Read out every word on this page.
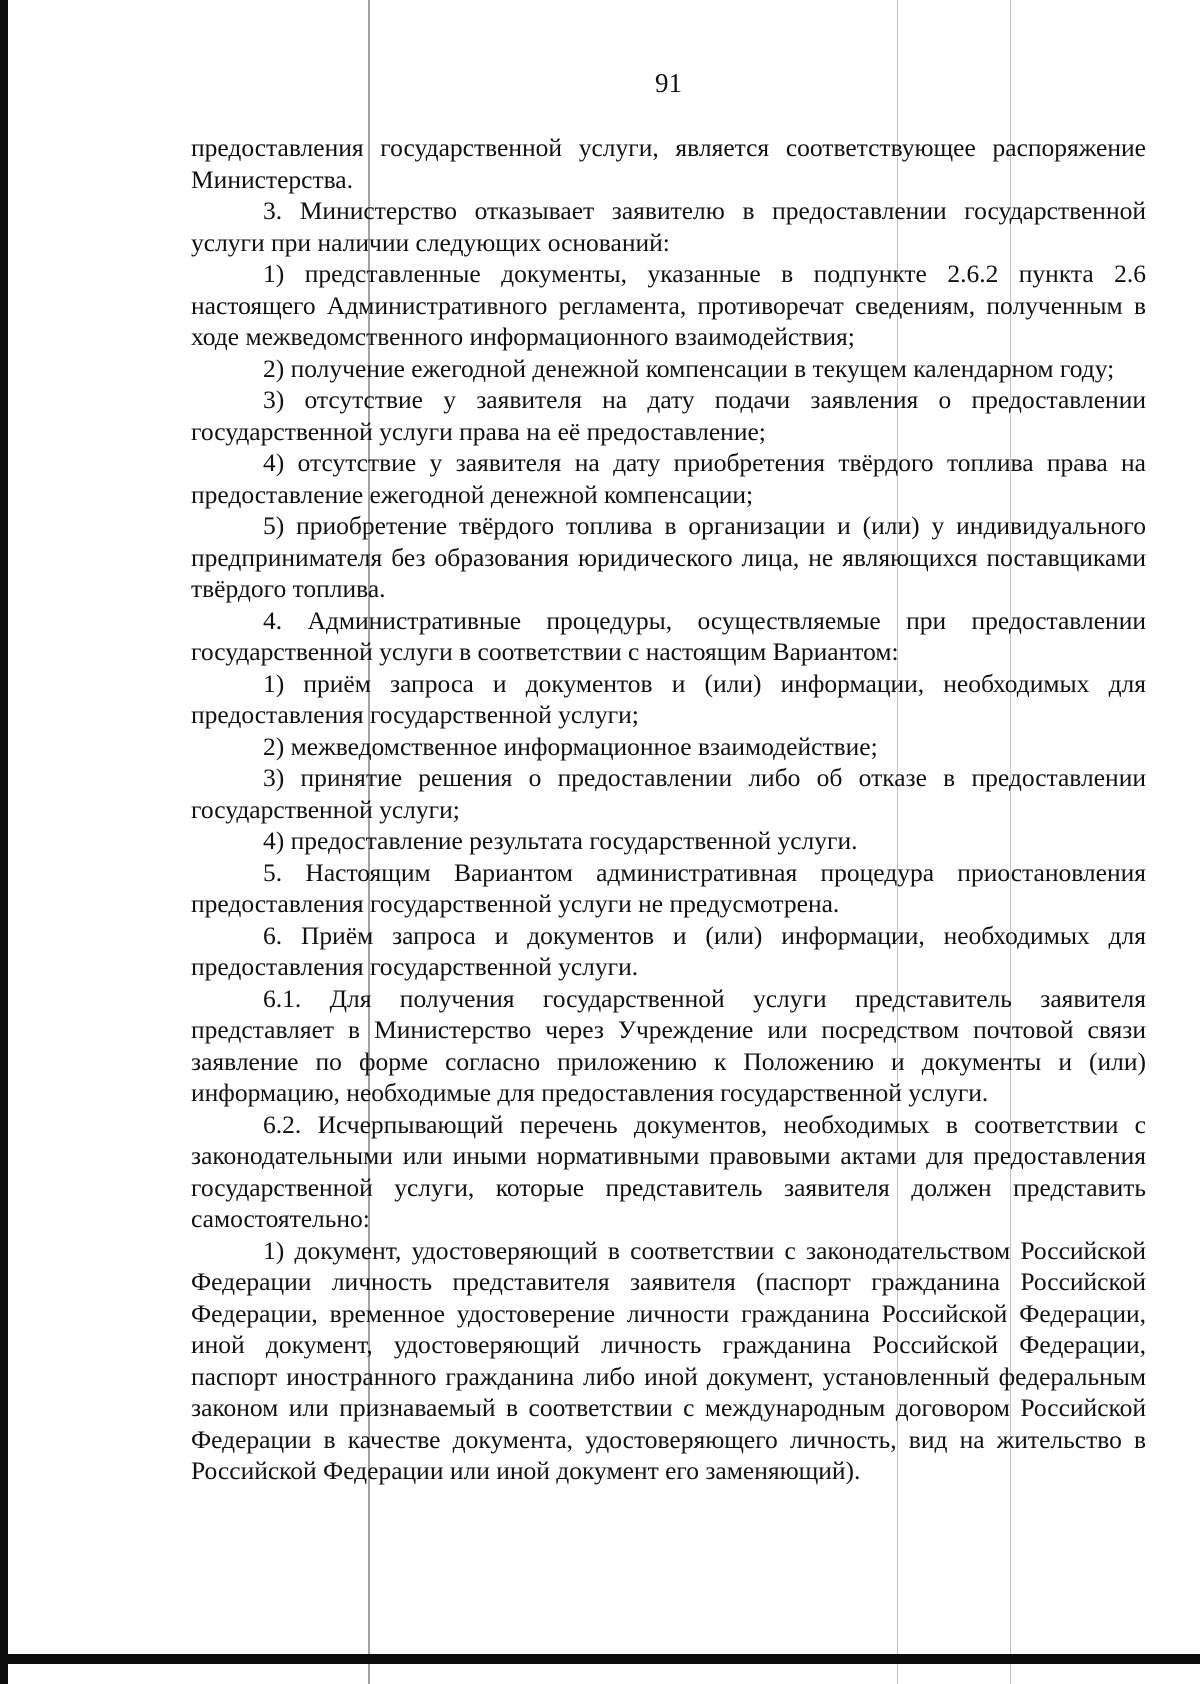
91

предоставления государственной услуги, является соответствующее распоряжение Министерства.

3. Министерство отказывает заявителю в предоставлении государственной услуги при наличии следующих оснований:

1) представленные документы, указанные в подпункте 2.6.2 пункта 2.6 настоящего Административного регламента, противоречат сведениям, полученным в ходе межведомственного информационного взаимодействия;

2) получение ежегодной денежной компенсации в текущем календарном году;

3) отсутствие у заявителя на дату подачи заявления о предоставлении государственной услуги права на её предоставление;

4) отсутствие у заявителя на дату приобретения твёрдого топлива права на предоставление ежегодной денежной компенсации;

5) приобретение твёрдого топлива в организации и (или) у индивидуального предпринимателя без образования юридического лица, не являющихся поставщиками твёрдого топлива.

4. Административные процедуры, осуществляемые при предоставлении государственной услуги в соответствии с настоящим Вариантом:

1) приём запроса и документов и (или) информации, необходимых для предоставления государственной услуги;

2) межведомственное информационное взаимодействие;

3) принятие решения о предоставлении либо об отказе в предоставлении государственной услуги;

4) предоставление результата государственной услуги.

5. Настоящим Вариантом административная процедура приостановления предоставления государственной услуги не предусмотрена.

6. Приём запроса и документов и (или) информации, необходимых для предоставления государственной услуги.

6.1. Для получения государственной услуги представитель заявителя представляет в Министерство через Учреждение или посредством почтовой связи заявление по форме согласно приложению к Положению и документы и (или) информацию, необходимые для предоставления государственной услуги.

6.2. Исчерпывающий перечень документов, необходимых в соответствии с законодательными или иными нормативными правовыми актами для предоставления государственной услуги, которые представитель заявителя должен представить самостоятельно:

1) документ, удостоверяющий в соответствии с законодательством Российской Федерации личность представителя заявителя (паспорт гражданина Российской Федерации, временное удостоверение личности гражданина Российской Федерации, иной документ, удостоверяющий личность гражданина Российской Федерации, паспорт иностранного гражданина либо иной документ, установленный федеральным законом или признаваемый в соответствии с международным договором Российской Федерации в качестве документа, удостоверяющего личность, вид на жительство в Российской Федерации или иной документ его заменяющий).
